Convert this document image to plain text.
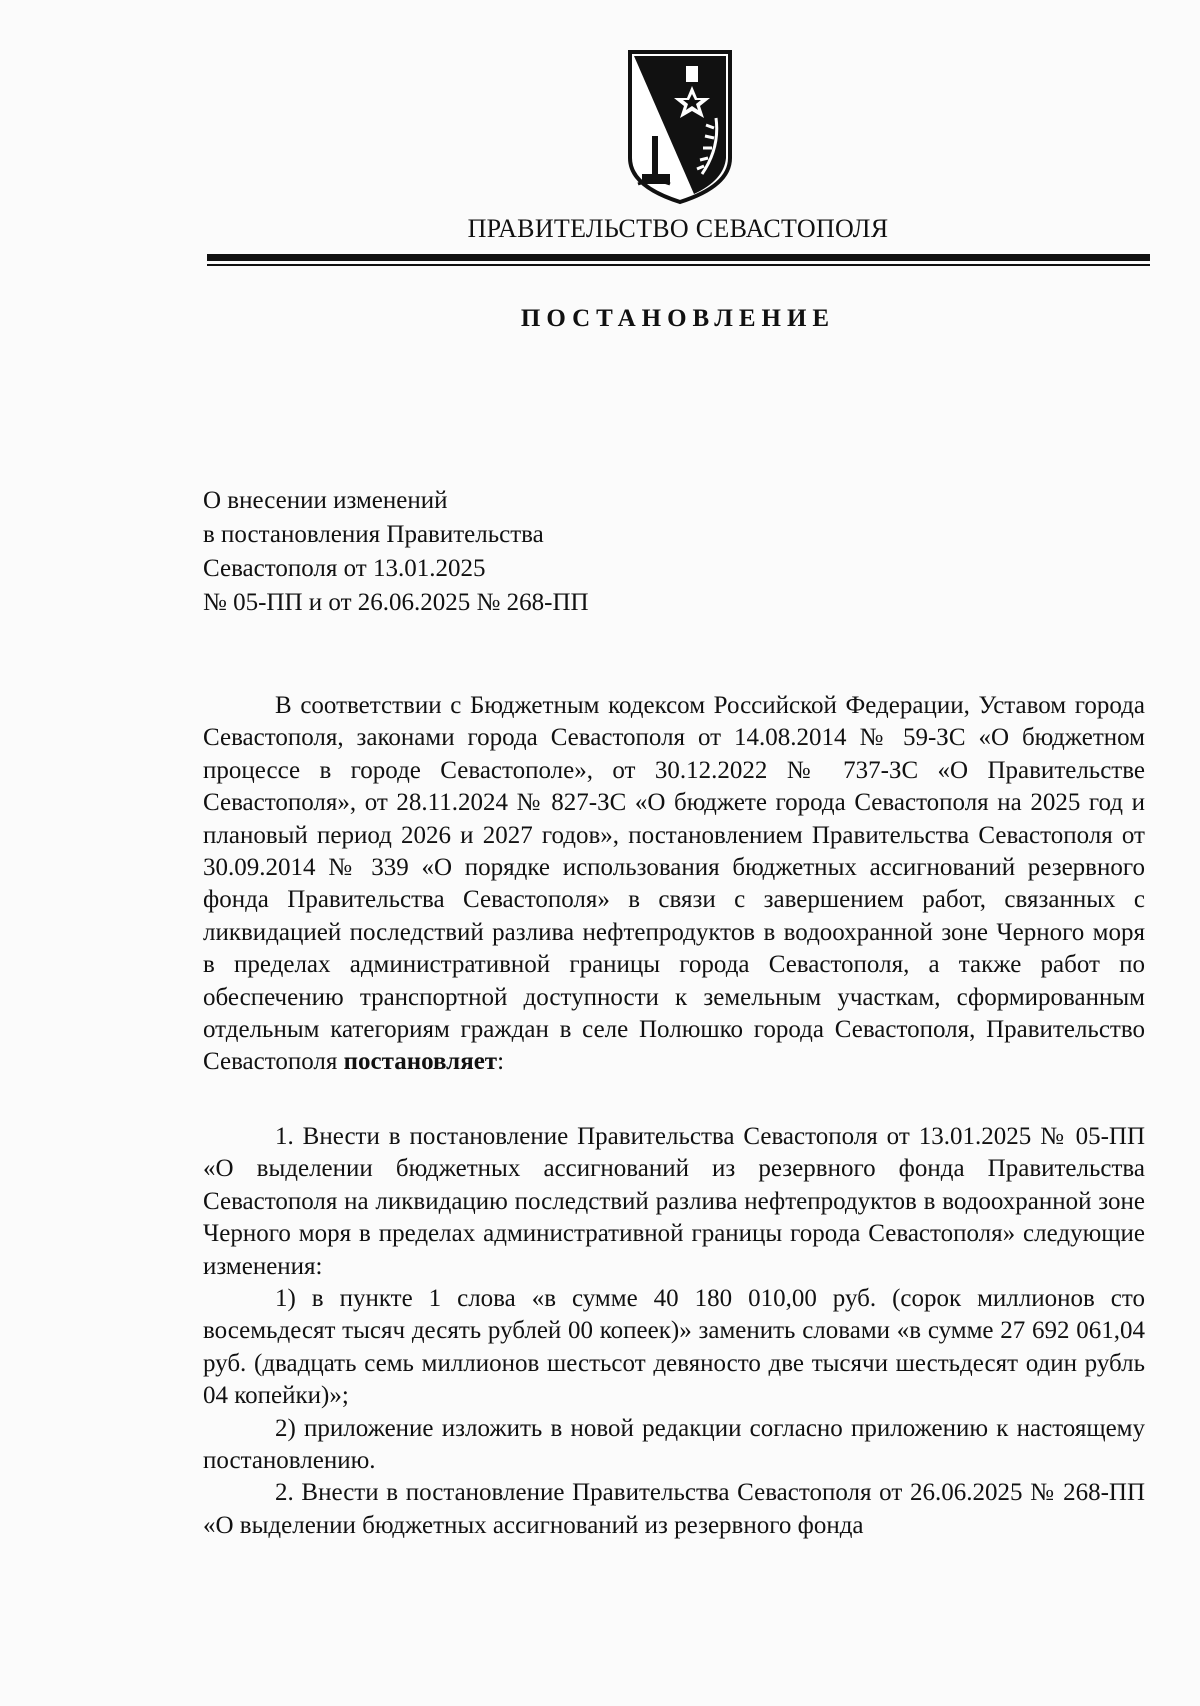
ПРАВИТЕЛЬСТВО СЕВАСТОПОЛЯ
ПОСТАНОВЛЕНИЕ
О внесении изменений
в постановления Правительства
Севастополя от 13.01.2025
№ 05-ПП и от 26.06.2025 № 268-ПП

В соответствии с Бюджетным кодексом Российской Федерации, Уставом города Севастополя, законами города Севастополя от 14.08.2014 № 59-ЗС «О бюджетном процессе в городе Севастополе», от 30.12.2022 № 737-ЗС «О Правительстве Севастополя», от 28.11.2024 № 827-ЗС «О бюджете города Севастополя на 2025 год и плановый период 2026 и 2027 годов», постановлением Правительства Севастополя от 30.09.2014 № 339 «О порядке использования бюджетных ассигнований резервного фонда Правительства Севастополя» в связи с завершением работ, связанных с ликвидацией последствий разлива нефтепродуктов в водоохранной зоне Черного моря в пределах административной границы города Севастополя, а также работ по обеспечению транспортной доступности к земельным участкам, сформированным отдельным категориям граждан в селе Полюшко города Севастополя, Правительство Севастополя постановляет:

1. Внести в постановление Правительства Севастополя от 13.01.2025 № 05-ПП «О выделении бюджетных ассигнований из резервного фонда Правительства Севастополя на ликвидацию последствий разлива нефтепродуктов в водоохранной зоне Черного моря в пределах административной границы города Севастополя» следующие изменения:

1) в пункте 1 слова «в сумме 40 180 010,00 руб. (сорок миллионов сто восемьдесят тысяч десять рублей 00 копеек)» заменить словами «в сумме 27 692 061,04 руб. (двадцать семь миллионов шестьсот девяносто две тысячи шестьдесят один рубль 04 копейки)»;

2) приложение изложить в новой редакции согласно приложению к настоящему постановлению.

2. Внести в постановление Правительства Севастополя от 26.06.2025 № 268-ПП «О выделении бюджетных ассигнований из резервного фонда
